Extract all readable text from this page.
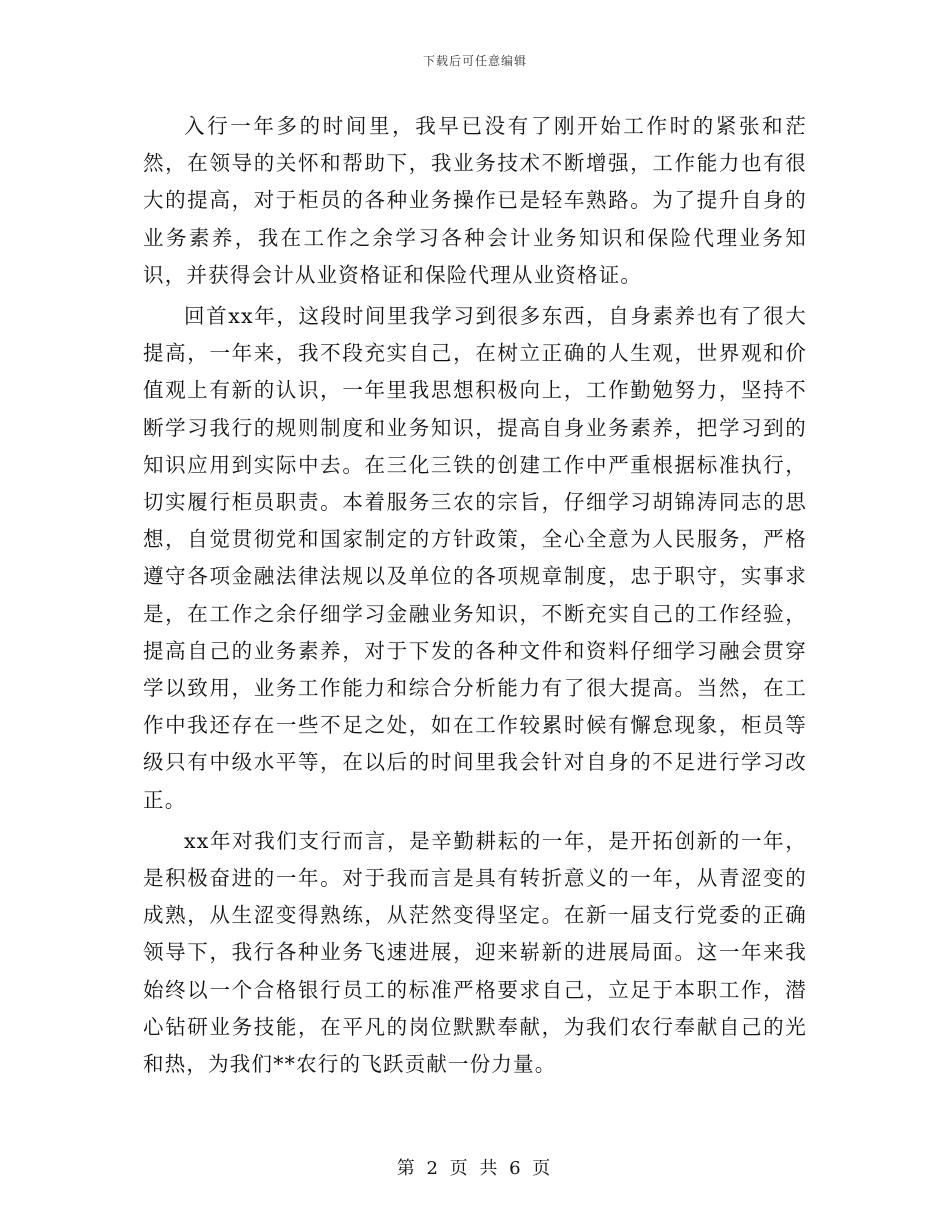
下载后可任意编辑

入行一年多的时间里，我早已没有了刚开始工作时的紧张和茫然，在领导的关怀和帮助下，我业务技术不断增强，工作能力也有很大的提高，对于柜员的各种业务操作已是轻车熟路。为了提升自身的业务素养，我在工作之余学习各种会计业务知识和保险代理业务知识，并获得会计从业资格证和保险代理从业资格证。

回首xx年，这段时间里我学习到很多东西，自身素养也有了很大提高，一年来，我不段充实自己，在树立正确的人生观，世界观和价值观上有新的认识，一年里我思想积极向上，工作勤勉努力，坚持不断学习我行的规则制度和业务知识，提高自身业务素养，把学习到的知识应用到实际中去。在三化三铁的创建工作中严重根据标准执行，切实履行柜员职责。本着服务三农的宗旨，仔细学习胡锦涛同志的思想，自觉贯彻党和国家制定的方针政策，全心全意为人民服务，严格遵守各项金融法律法规以及单位的各项规章制度，忠于职守，实事求是，在工作之余仔细学习金融业务知识，不断充实自己的工作经验，提高自己的业务素养，对于下发的各种文件和资料仔细学习融会贯穿学以致用，业务工作能力和综合分析能力有了很大提高。当然，在工作中我还存在一些不足之处，如在工作较累时候有懈怠现象，柜员等级只有中级水平等，在以后的时间里我会针对自身的不足进行学习改正。

xx年对我们支行而言，是辛勤耕耘的一年，是开拓创新的一年，是积极奋进的一年。对于我而言是具有转折意义的一年，从青涩变的成熟，从生涩变得熟练，从茫然变得坚定。在新一届支行党委的正确领导下，我行各种业务飞速进展，迎来崭新的进展局面。这一年来我始终以一个合格银行员工的标准严格要求自己，立足于本职工作，潜心钻研业务技能，在平凡的岗位默默奉献，为我们农行奉献自己的光和热，为我们**农行的飞跃贡献一份力量。

第 2 页 共 6 页
